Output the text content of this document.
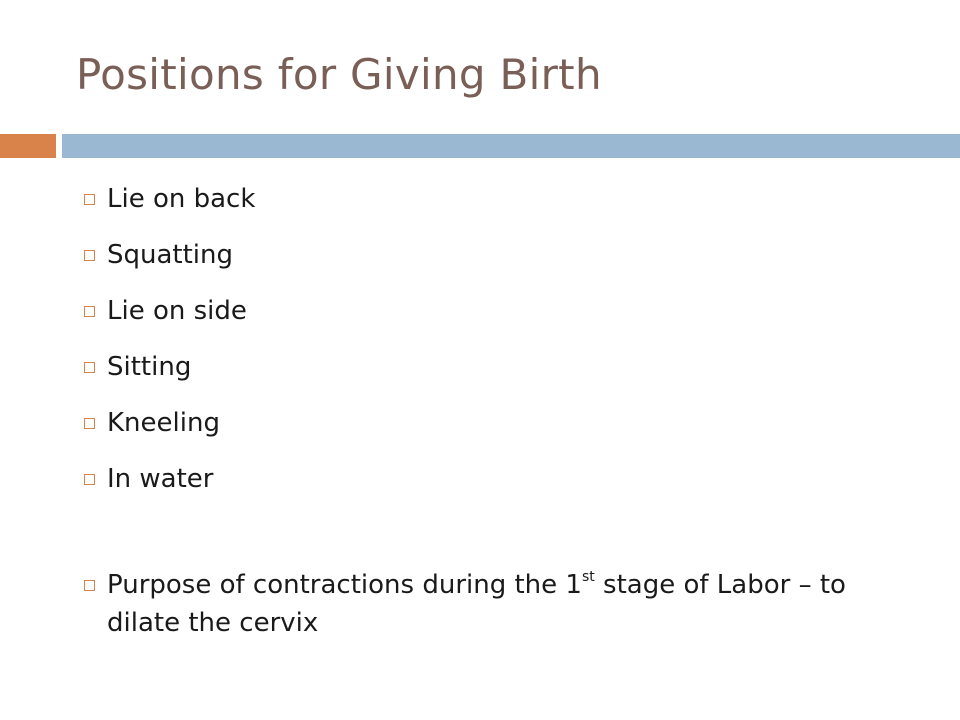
Positions for Giving Birth
Lie on back
Squatting
Lie on side
Sitting
Kneeling
In water
Purpose of contractions during the 1st stage of Labor – to dilate the cervix
